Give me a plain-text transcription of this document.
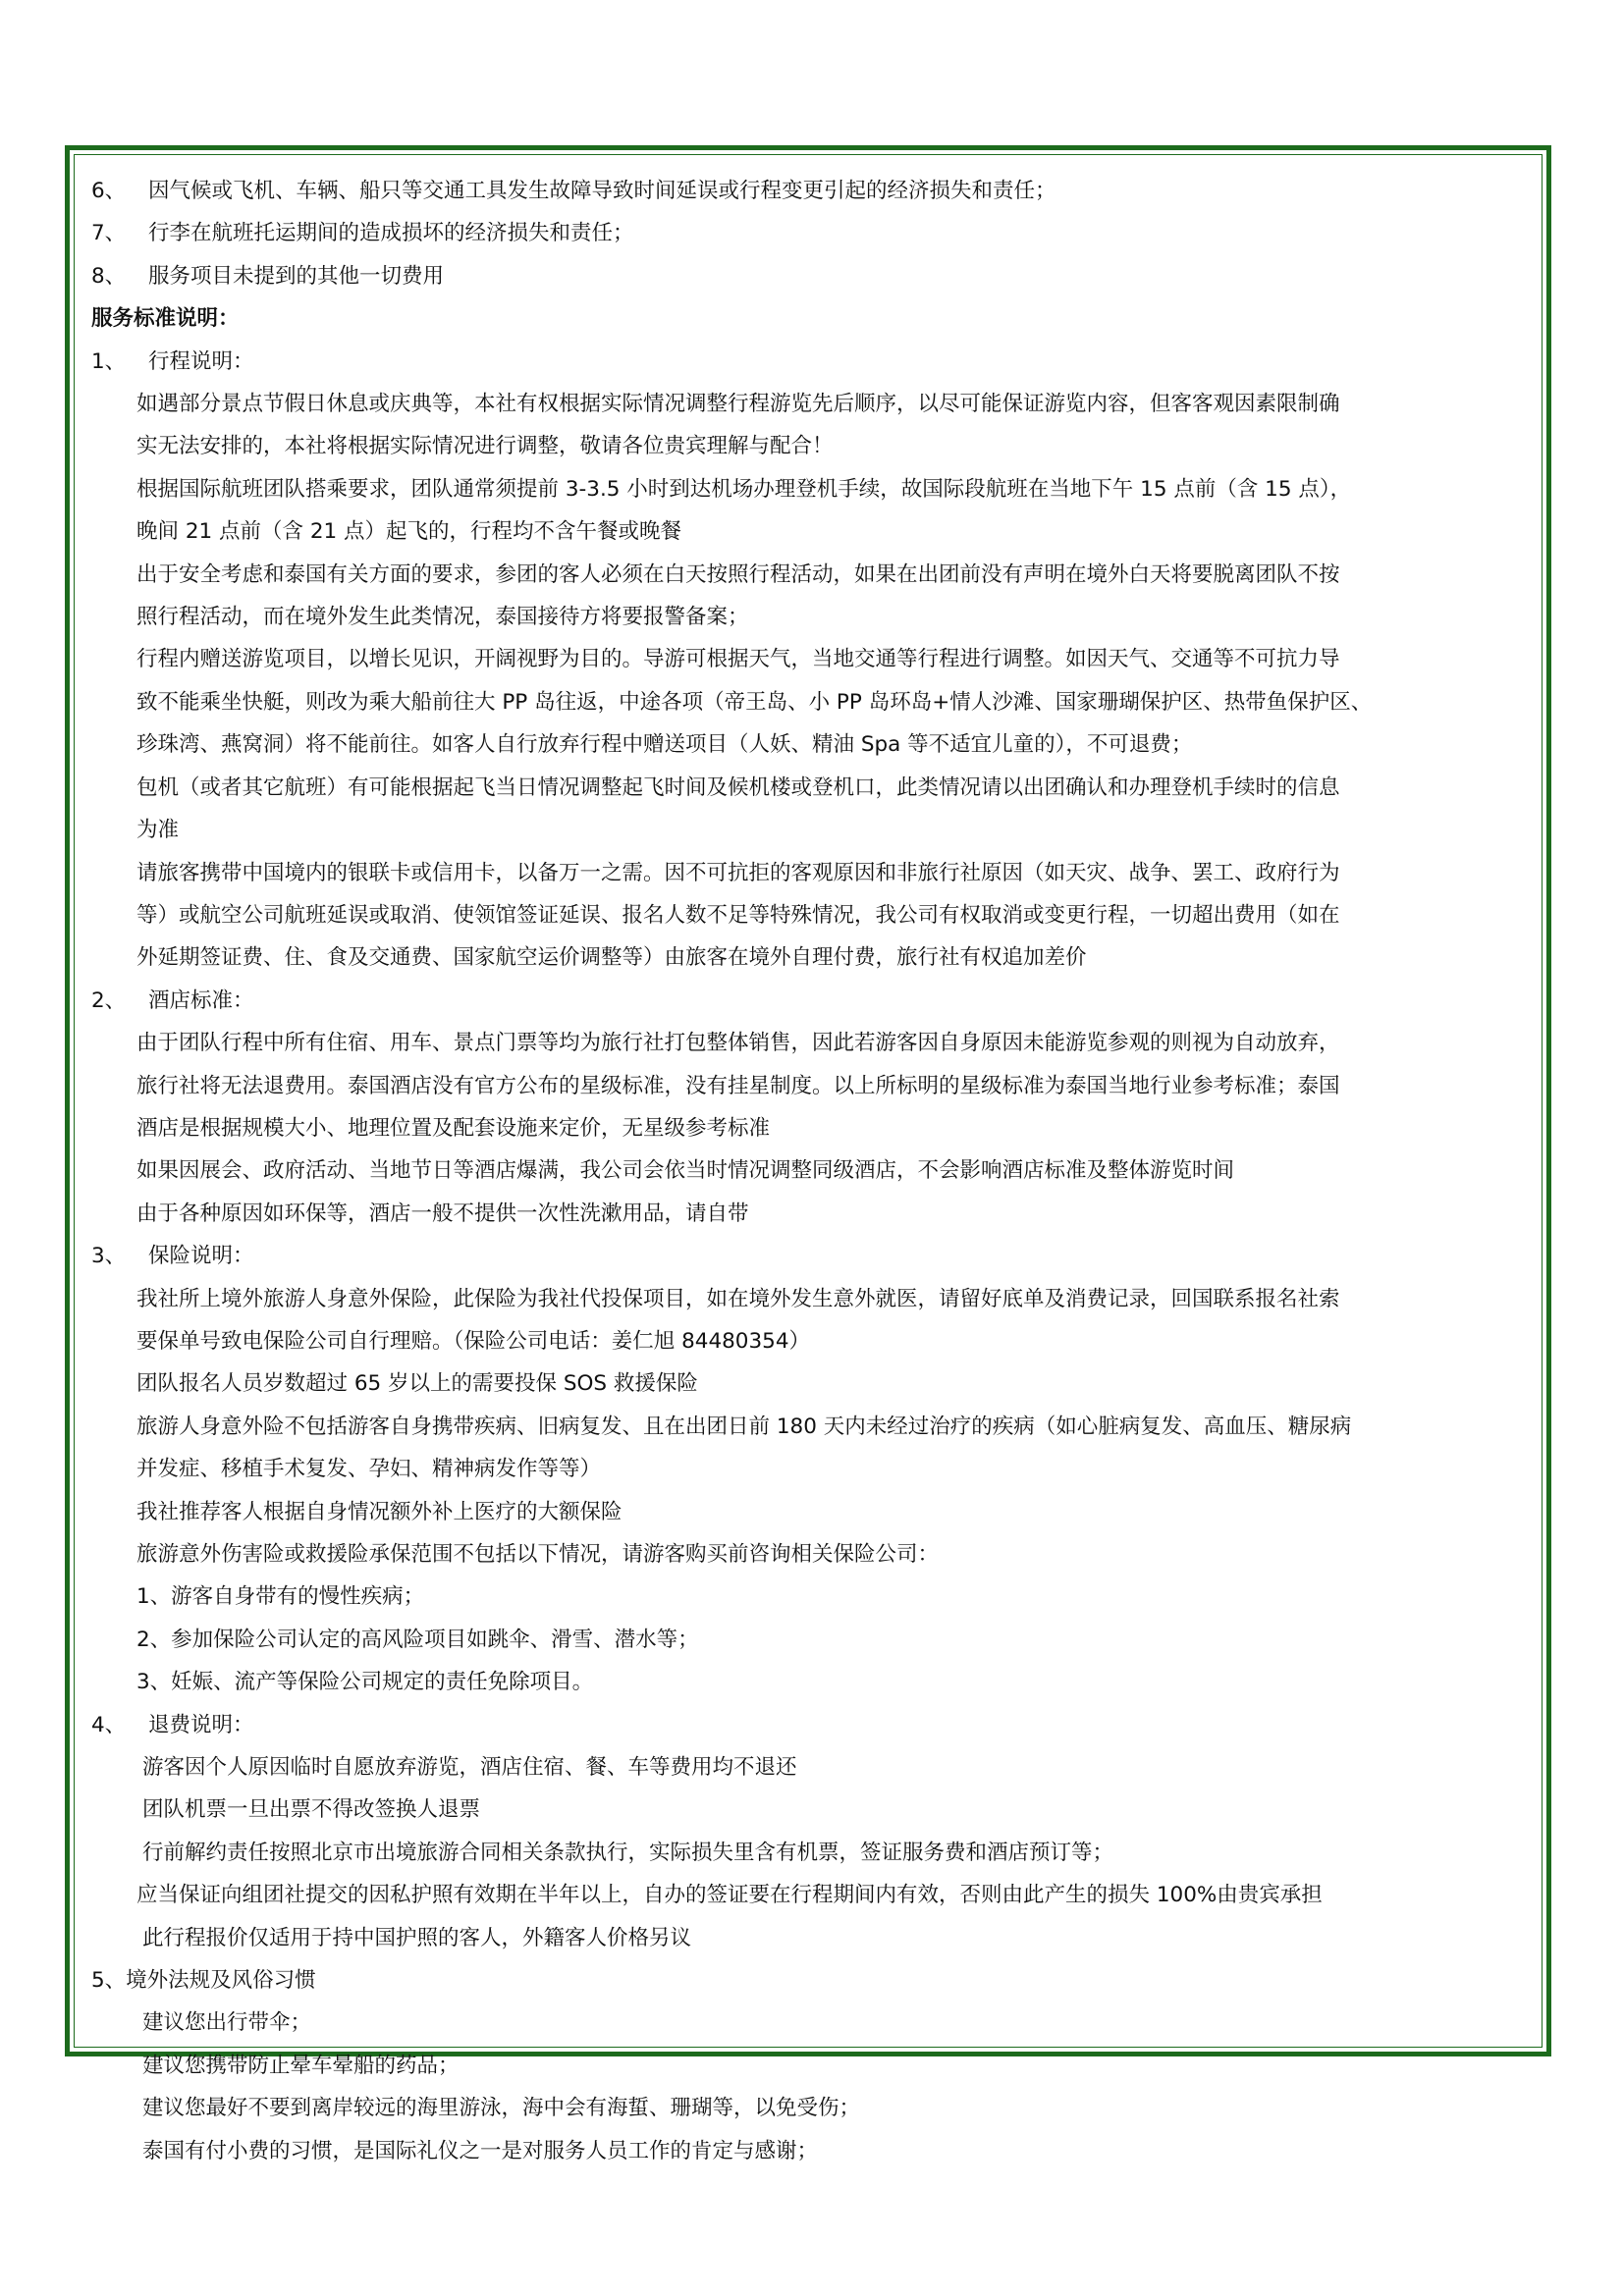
6、 因气候或飞机、车辆、船只等交通工具发生故障导致时间延误或行程变更引起的经济损失和责任；
7、 行李在航班托运期间的造成损坏的经济损失和责任；
8、 服务项目未提到的其他一切费用
服务标准说明：
1、 行程说明：
如遇部分景点节假日休息或庆典等，本社有权根据实际情况调整行程游览先后顺序，以尽可能保证游览内容，但客客观因素限制确
实无法安排的，本社将根据实际情况进行调整，敬请各位贵宾理解与配合！
根据国际航班团队搭乘要求，团队通常须提前 3-3.5 小时到达机场办理登机手续，故国际段航班在当地下午 15 点前（含 15 点），
晚间 21 点前（含 21 点）起飞的，行程均不含午餐或晚餐
出于安全考虑和泰国有关方面的要求，参团的客人必须在白天按照行程活动，如果在出团前没有声明在境外白天将要脱离团队不按
照行程活动，而在境外发生此类情况，泰国接待方将要报警备案；
行程内赠送游览项目，以增长见识，开阔视野为目的。导游可根据天气，当地交通等行程进行调整。如因天气、交通等不可抗力导
致不能乘坐快艇，则改为乘大船前往大 PP 岛往返，中途各项（帝王岛、小 PP 岛环岛+情人沙滩、国家珊瑚保护区、热带鱼保护区、
珍珠湾、燕窝洞）将不能前往。如客人自行放弃行程中赠送项目（人妖、精油 Spa 等不适宜儿童的），不可退费；
包机（或者其它航班）有可能根据起飞当日情况调整起飞时间及候机楼或登机口，此类情况请以出团确认和办理登机手续时的信息
为准
请旅客携带中国境内的银联卡或信用卡，以备万一之需。因不可抗拒的客观原因和非旅行社原因（如天灾、战争、罢工、政府行为
等）或航空公司航班延误或取消、使领馆签证延误、报名人数不足等特殊情况，我公司有权取消或变更行程，一切超出费用（如在
外延期签证费、住、食及交通费、国家航空运价调整等）由旅客在境外自理付费，旅行社有权追加差价
2、 酒店标准：
由于团队行程中所有住宿、用车、景点门票等均为旅行社打包整体销售，因此若游客因自身原因未能游览参观的则视为自动放弃，
旅行社将无法退费用。泰国酒店没有官方公布的星级标准，没有挂星制度。以上所标明的星级标准为泰国当地行业参考标准；泰国
酒店是根据规模大小、地理位置及配套设施来定价，无星级参考标准
如果因展会、政府活动、当地节日等酒店爆满，我公司会依当时情况调整同级酒店，不会影响酒店标准及整体游览时间
由于各种原因如环保等，酒店一般不提供一次性洗漱用品，请自带
3、 保险说明：
我社所上境外旅游人身意外保险，此保险为我社代投保项目，如在境外发生意外就医，请留好底单及消费记录，回国联系报名社索
要保单号致电保险公司自行理赔。（保险公司电话：姜仁旭 84480354）
团队报名人员岁数超过 65 岁以上的需要投保 SOS 救援保险
旅游人身意外险不包括游客自身携带疾病、旧病复发、且在出团日前 180 天内未经过治疗的疾病（如心脏病复发、高血压、糖尿病
并发症、移植手术复发、孕妇、精神病发作等等）
我社推荐客人根据自身情况额外补上医疗的大额保险
旅游意外伤害险或救援险承保范围不包括以下情况，请游客购买前咨询相关保险公司：
1、游客自身带有的慢性疾病；
2、参加保险公司认定的高风险项目如跳伞、滑雪、潜水等；
3、妊娠、流产等保险公司规定的责任免除项目。
4、 退费说明：
游客因个人原因临时自愿放弃游览，酒店住宿、餐、车等费用均不退还
团队机票一旦出票不得改签换人退票
行前解约责任按照北京市出境旅游合同相关条款执行，实际损失里含有机票，签证服务费和酒店预订等；
应当保证向组团社提交的因私护照有效期在半年以上，自办的签证要在行程期间内有效，否则由此产生的损失 100%由贵宾承担
此行程报价仅适用于持中国护照的客人，外籍客人价格另议
5、境外法规及风俗习惯
建议您出行带伞；
建议您携带防止晕车晕船的药品；
建议您最好不要到离岸较远的海里游泳，海中会有海蜇、珊瑚等，以免受伤；
泰国有付小费的习惯，是国际礼仪之一是对服务人员工作的肯定与感谢；
